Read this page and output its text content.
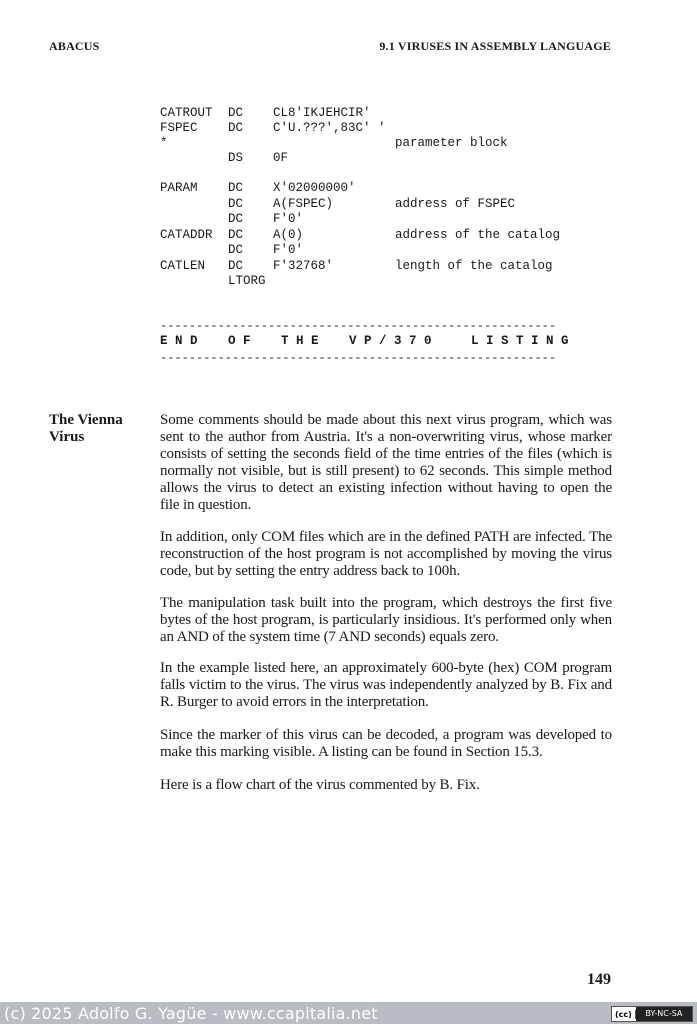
ABACUS	9.1 VIRUSES IN ASSEMBLY LANGUAGE

CATROUT DC CL8'IKJEHCIR'

FSPEC DC C'U.???',83C' '

*	parameter block

DS 0F

PARAM DC X'02000000'

DC A(FSPEC)	address of FSPEC

DC F'0'

CATADDR DC A(0)	address of the catalog

DC F'0'

CATLEN DC F'32768'	length of the catalog

LTORG

-------------------------------------------------------

E N D

O F

T H E

V P / 3 7 0

	L I S T I N G

-------------------------------------------------------
The Vienna
Virus
Some comments should be made about this next virus program, which was sent to the author from Austria. It's a non-overwriting virus, whose marker consists of setting the seconds field of the time entries of the files (which is normally not visible, but is still present) to 62 seconds. This simple method allows the virus to detect an existing infection without having to open the file in question.
In addition, only COM files which are in the defined PATH are infected. The reconstruction of the host program is not accomplished by moving the virus code, but by setting the entry address back to 100h.
The manipulation task built into the program, which destroys the first five bytes of the host program, is particularly insidious. It's performed only when an AND of the system time (7 AND seconds) equals zero.
In the example listed here, an approximately 600-byte (hex) COM program falls victim to the virus. The virus was independently analyzed by B. Fix and R. Burger to avoid errors in the interpretation.
Since the marker of this virus can be decoded, a program was developed to make this marking visible. A listing can be found in Section 15.3.
Here is a flow chart of the virus commented by B. Fix.
149
(c) 2025 Adolfo G. Yagüe - www.ccapitalia.net	(cc)	BY-NC-SA
